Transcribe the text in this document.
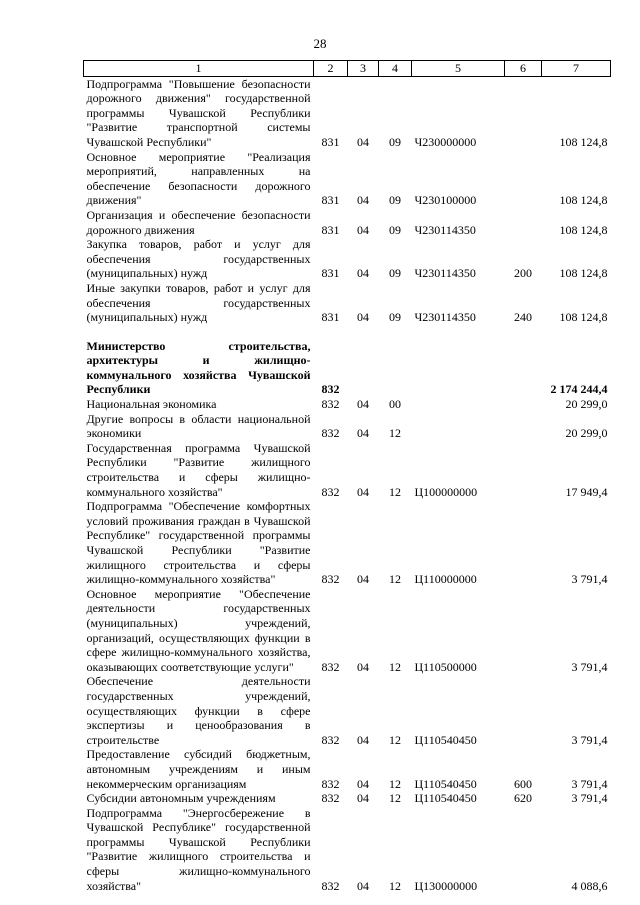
28
1	2	3	4	5	6	7
Подпрограмма "Повышение безопасности дорожного движения" государственной программы Чувашской Республики "Развитие транспортной системы Чувашской Республики"	831	04	09	Ч230000000		108 124,8
Основное мероприятие "Реализация мероприятий, направленных на обеспечение безопасности дорожного движения"	831	04	09	Ч230100000		108 124,8
Организация и обеспечение безопасности дорожного движения	831	04	09	Ч230114350		108 124,8
Закупка товаров, работ и услуг для обеспечения государственных (муниципальных) нужд	831	04	09	Ч230114350	200	108 124,8
Иные закупки товаров, работ и услуг для обеспечения государственных (муниципальных) нужд	831	04	09	Ч230114350	240	108 124,8

Министерство строительства, архитектуры и жилищно-коммунального хозяйства Чувашской Республики	832					2 174 244,4
Национальная экономика	832	04	00			20 299,0
Другие вопросы в области национальной экономики	832	04	12			20 299,0
Государственная программа Чувашской Республики "Развитие жилищного строительства и сферы жилищно-коммунального хозяйства"	832	04	12	Ц100000000		17 949,4
Подпрограмма "Обеспечение комфортных условий проживания граждан в Чувашской Республике" государственной программы Чувашской Республики "Развитие жилищного строительства и сферы жилищно-коммунального хозяйства"	832	04	12	Ц110000000		3 791,4
Основное мероприятие "Обеспечение деятельности государственных (муниципальных) учреждений, организаций, осуществляющих функции в сфере жилищно-коммунального хозяйства, оказывающих соответствующие услуги"	832	04	12	Ц110500000		3 791,4
Обеспечение деятельности государственных учреждений, осуществляющих функции в сфере экспертизы и ценообразования в строительстве	832	04	12	Ц110540450		3 791,4
Предоставление субсидий бюджетным, автономным учреждениям и иным некоммерческим организациям	832	04	12	Ц110540450	600	3 791,4
Субсидии автономным учреждениям	832	04	12	Ц110540450	620	3 791,4
Подпрограмма "Энергосбережение в Чувашской Республике" государственной программы Чувашской Республики "Развитие жилищного строительства и сферы жилищно-коммунального хозяйства"	832	04	12	Ц130000000		4 088,6
